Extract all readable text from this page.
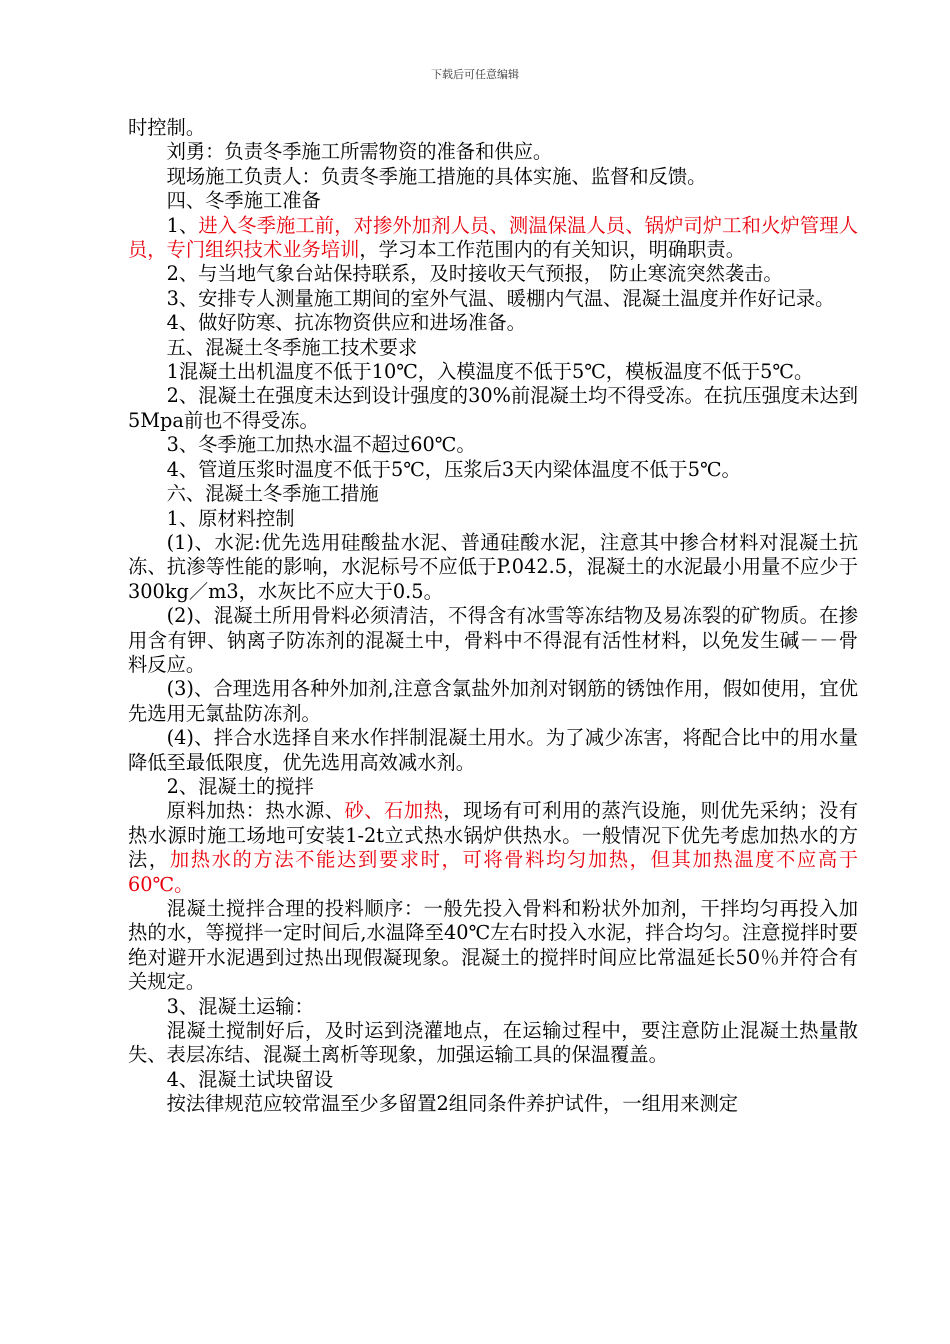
下载后可任意编辑

时控制。

刘勇：负责冬季施工所需物资的准备和供应。

现场施工负责人：负责冬季施工措施的具体实施、监督和反馈。

四、冬季施工准备

1、进入冬季施工前，对掺外加剂人员、测温保温人员、锅炉司炉工和火炉管理人员，专门组织技术业务培训，学习本工作范围内的有关知识，明确职责。

2、与当地气象台站保持联系，及时接收天气预报， 防止寒流突然袭击。

3、安排专人测量施工期间的室外气温、暖棚内气温、混凝土温度并作好记录。

4、做好防寒、抗冻物资供应和进场准备。

五、混凝土冬季施工技术要求

1混凝土出机温度不低于10℃，入模温度不低于5℃，模板温度不低于5℃。

2、混凝土在强度未达到设计强度的30%前混凝土均不得受冻。在抗压强度未达到5Mpa前也不得受冻。

3、冬季施工加热水温不超过60℃。

4、管道压浆时温度不低于5℃，压浆后3天内梁体温度不低于5℃。

六、混凝土冬季施工措施

1、原材料控制

(1)、水泥:优先选用硅酸盐水泥、普通硅酸水泥，注意其中掺合材料对混凝土抗冻、抗渗等性能的影响，水泥标号不应低于P.042.5，混凝土的水泥最小用量不应少于300kg／m3，水灰比不应大于0.5。

(2)、混凝土所用骨料必须清洁，不得含有冰雪等冻结物及易冻裂的矿物质。在掺用含有钾、钠离子防冻剂的混凝土中，骨料中不得混有活性材料，以免发生碱－－骨料反应。

(3)、合理选用各种外加剂,注意含氯盐外加剂对钢筋的锈蚀作用，假如使用，宜优先选用无氯盐防冻剂。

(4)、拌合水选择自来水作拌制混凝土用水。为了减少冻害，将配合比中的用水量降低至最低限度，优先选用高效减水剂。

2、混凝土的搅拌

原料加热：热水源、砂、石加热，现场有可利用的蒸汽设施，则优先采纳；没有热水源时施工场地可安装1-2t立式热水锅炉供热水。一般情况下优先考虑加热水的方法，加热水的方法不能达到要求时，可将骨料均匀加热，但其加热温度不应高于60℃。

混凝土搅拌合理的投料顺序：一般先投入骨料和粉状外加剂，干拌均匀再投入加热的水，等搅拌一定时间后,水温降至40℃左右时投入水泥，拌合均匀。注意搅拌时要绝对避开水泥遇到过热出现假凝现象。混凝土的搅拌时间应比常温延长50％并符合有关规定。

3、混凝土运输：

混凝土搅制好后，及时运到浇灌地点，在运输过程中，要注意防止混凝土热量散失、表层冻结、混凝土离析等现象，加强运输工具的保温覆盖。

4、混凝土试块留设

按法律规范应较常温至少多留置2组同条件养护试件，一组用来测定
